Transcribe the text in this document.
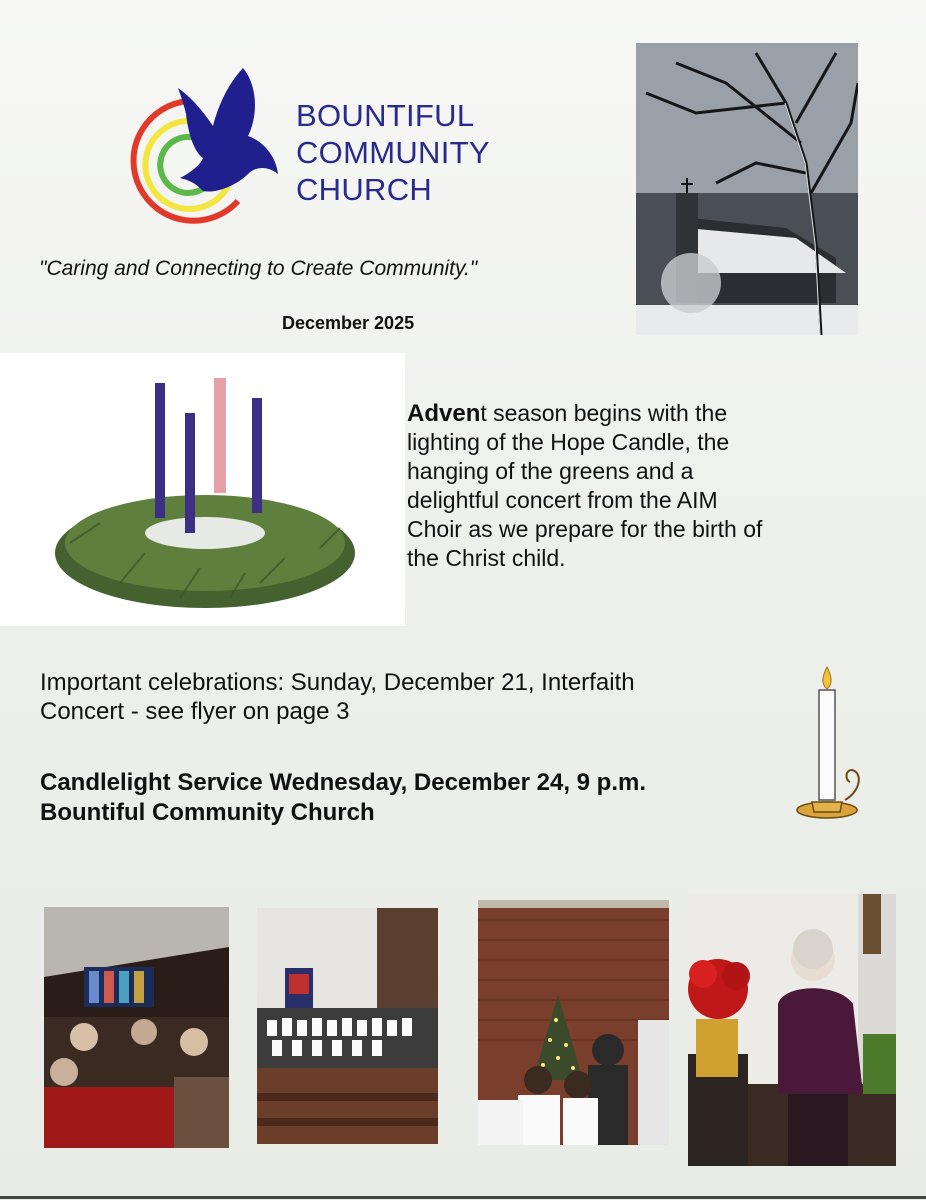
BOUNTIFUL
COMMUNITY
CHURCH
"Caring and Connecting to Create Community."
December 2025
Advent season begins with the
lighting of the Hope Candle, the
hanging of the greens and a
delightful concert from the AIM
Choir as we prepare for the birth of
the Christ child.
Important celebrations: Sunday, December 21, Interfaith
Concert - see flyer on page 3
Candlelight Service Wednesday, December 24, 9 p.m.
Bountiful Community Church
